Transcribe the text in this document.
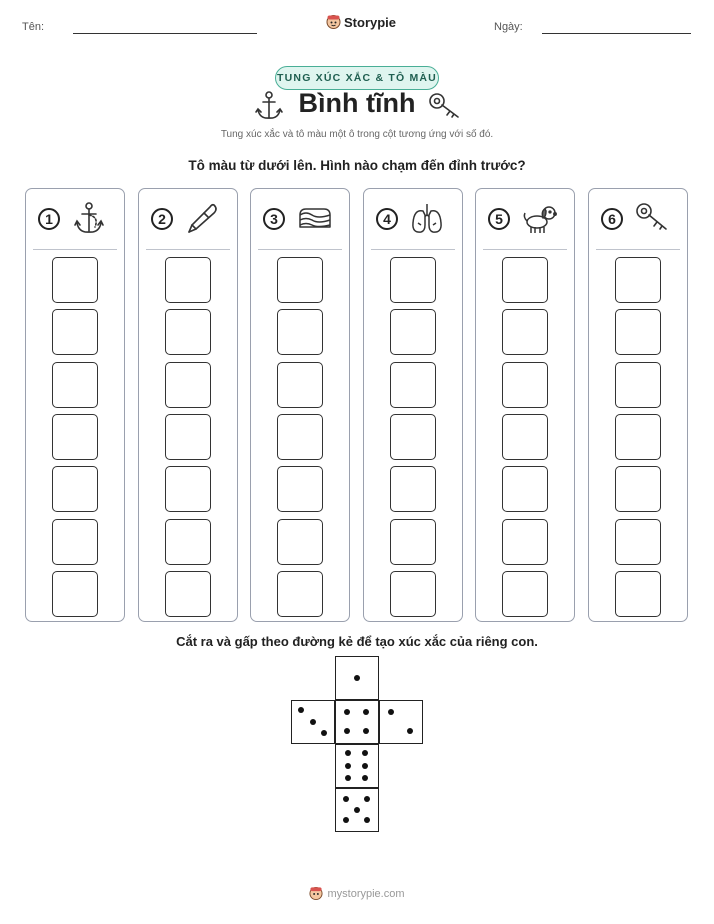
Tên:	Storypie	Ngày:
TUNG XÚC XẮC & TÔ MÀU
Bình tĩnh
Tung xúc xắc và tô màu một ô trong cột tương ứng với số đó.
Tô màu từ dưới lên. Hình nào chạm đến đỉnh trước?
1	2	3	4	5	6
Cắt ra và gấp theo đường kẻ để tạo xúc xắc của riêng con.
mystorypie.com
